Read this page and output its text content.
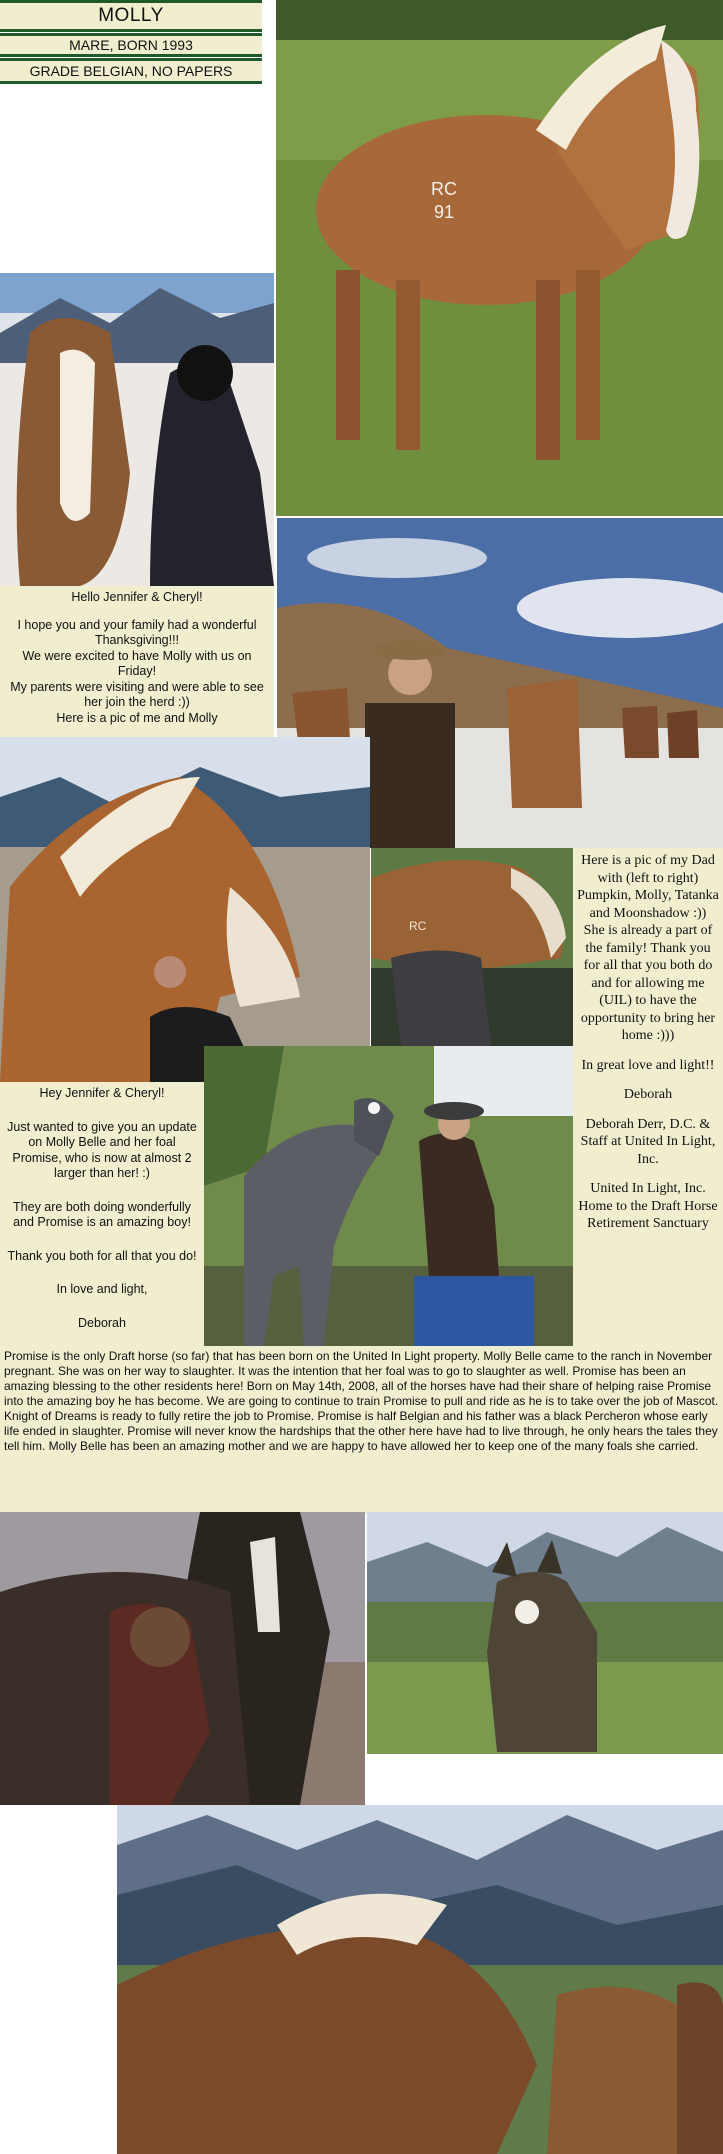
MOLLY
MARE, BORN 1993
GRADE BELGIAN, NO PAPERS
RC
91
Hello Jennifer & Cheryl!
I hope you and your family had a wonderful Thanksgiving!!!
We were excited to have Molly with us on Friday!
My parents were visiting and were able to see her join the herd :))
Here is a pic of me and Molly
RC
Here is a pic of my Dad with (left to right) Pumpkin, Molly, Tatanka and Moonshadow :))
She is already a part of the family! Thank you for all that you both do and for allowing me (UIL) to have the opportunity to bring her home :)))
In great love and light!!
Deborah
Deborah Derr, D.C. & Staff at United In Light, Inc.
United In Light, Inc. Home to the Draft Horse Retirement Sanctuary
Hey Jennifer & Cheryl!
Just wanted to give you an update on Molly Belle and her foal Promise, who is now at almost 2 larger than her! :)
They are both doing wonderfully and Promise is an amazing boy!
Thank you both for all that you do!
In love and light,
Deborah
Promise is the only Draft horse (so far) that has been born on the United In Light property. Molly Belle came to the ranch in November pregnant. She was on her way to slaughter. It was the intention that her foal was to go to slaughter as well. Promise has been an amazing blessing to the other residents here! Born on May 14th, 2008, all of the horses have had their share of helping raise Promise into the amazing boy he has become. We are going to continue to train Promise to pull and ride as he is to take over the job of Mascot. Knight of Dreams is ready to fully retire the job to Promise. Promise is half Belgian and his father was a black Percheron whose early life ended in slaughter. Promise will never know the hardships that the other here have had to live through, he only hears the tales they tell him. Molly Belle has been an amazing mother and we are happy to have allowed her to keep one of the many foals she carried.
